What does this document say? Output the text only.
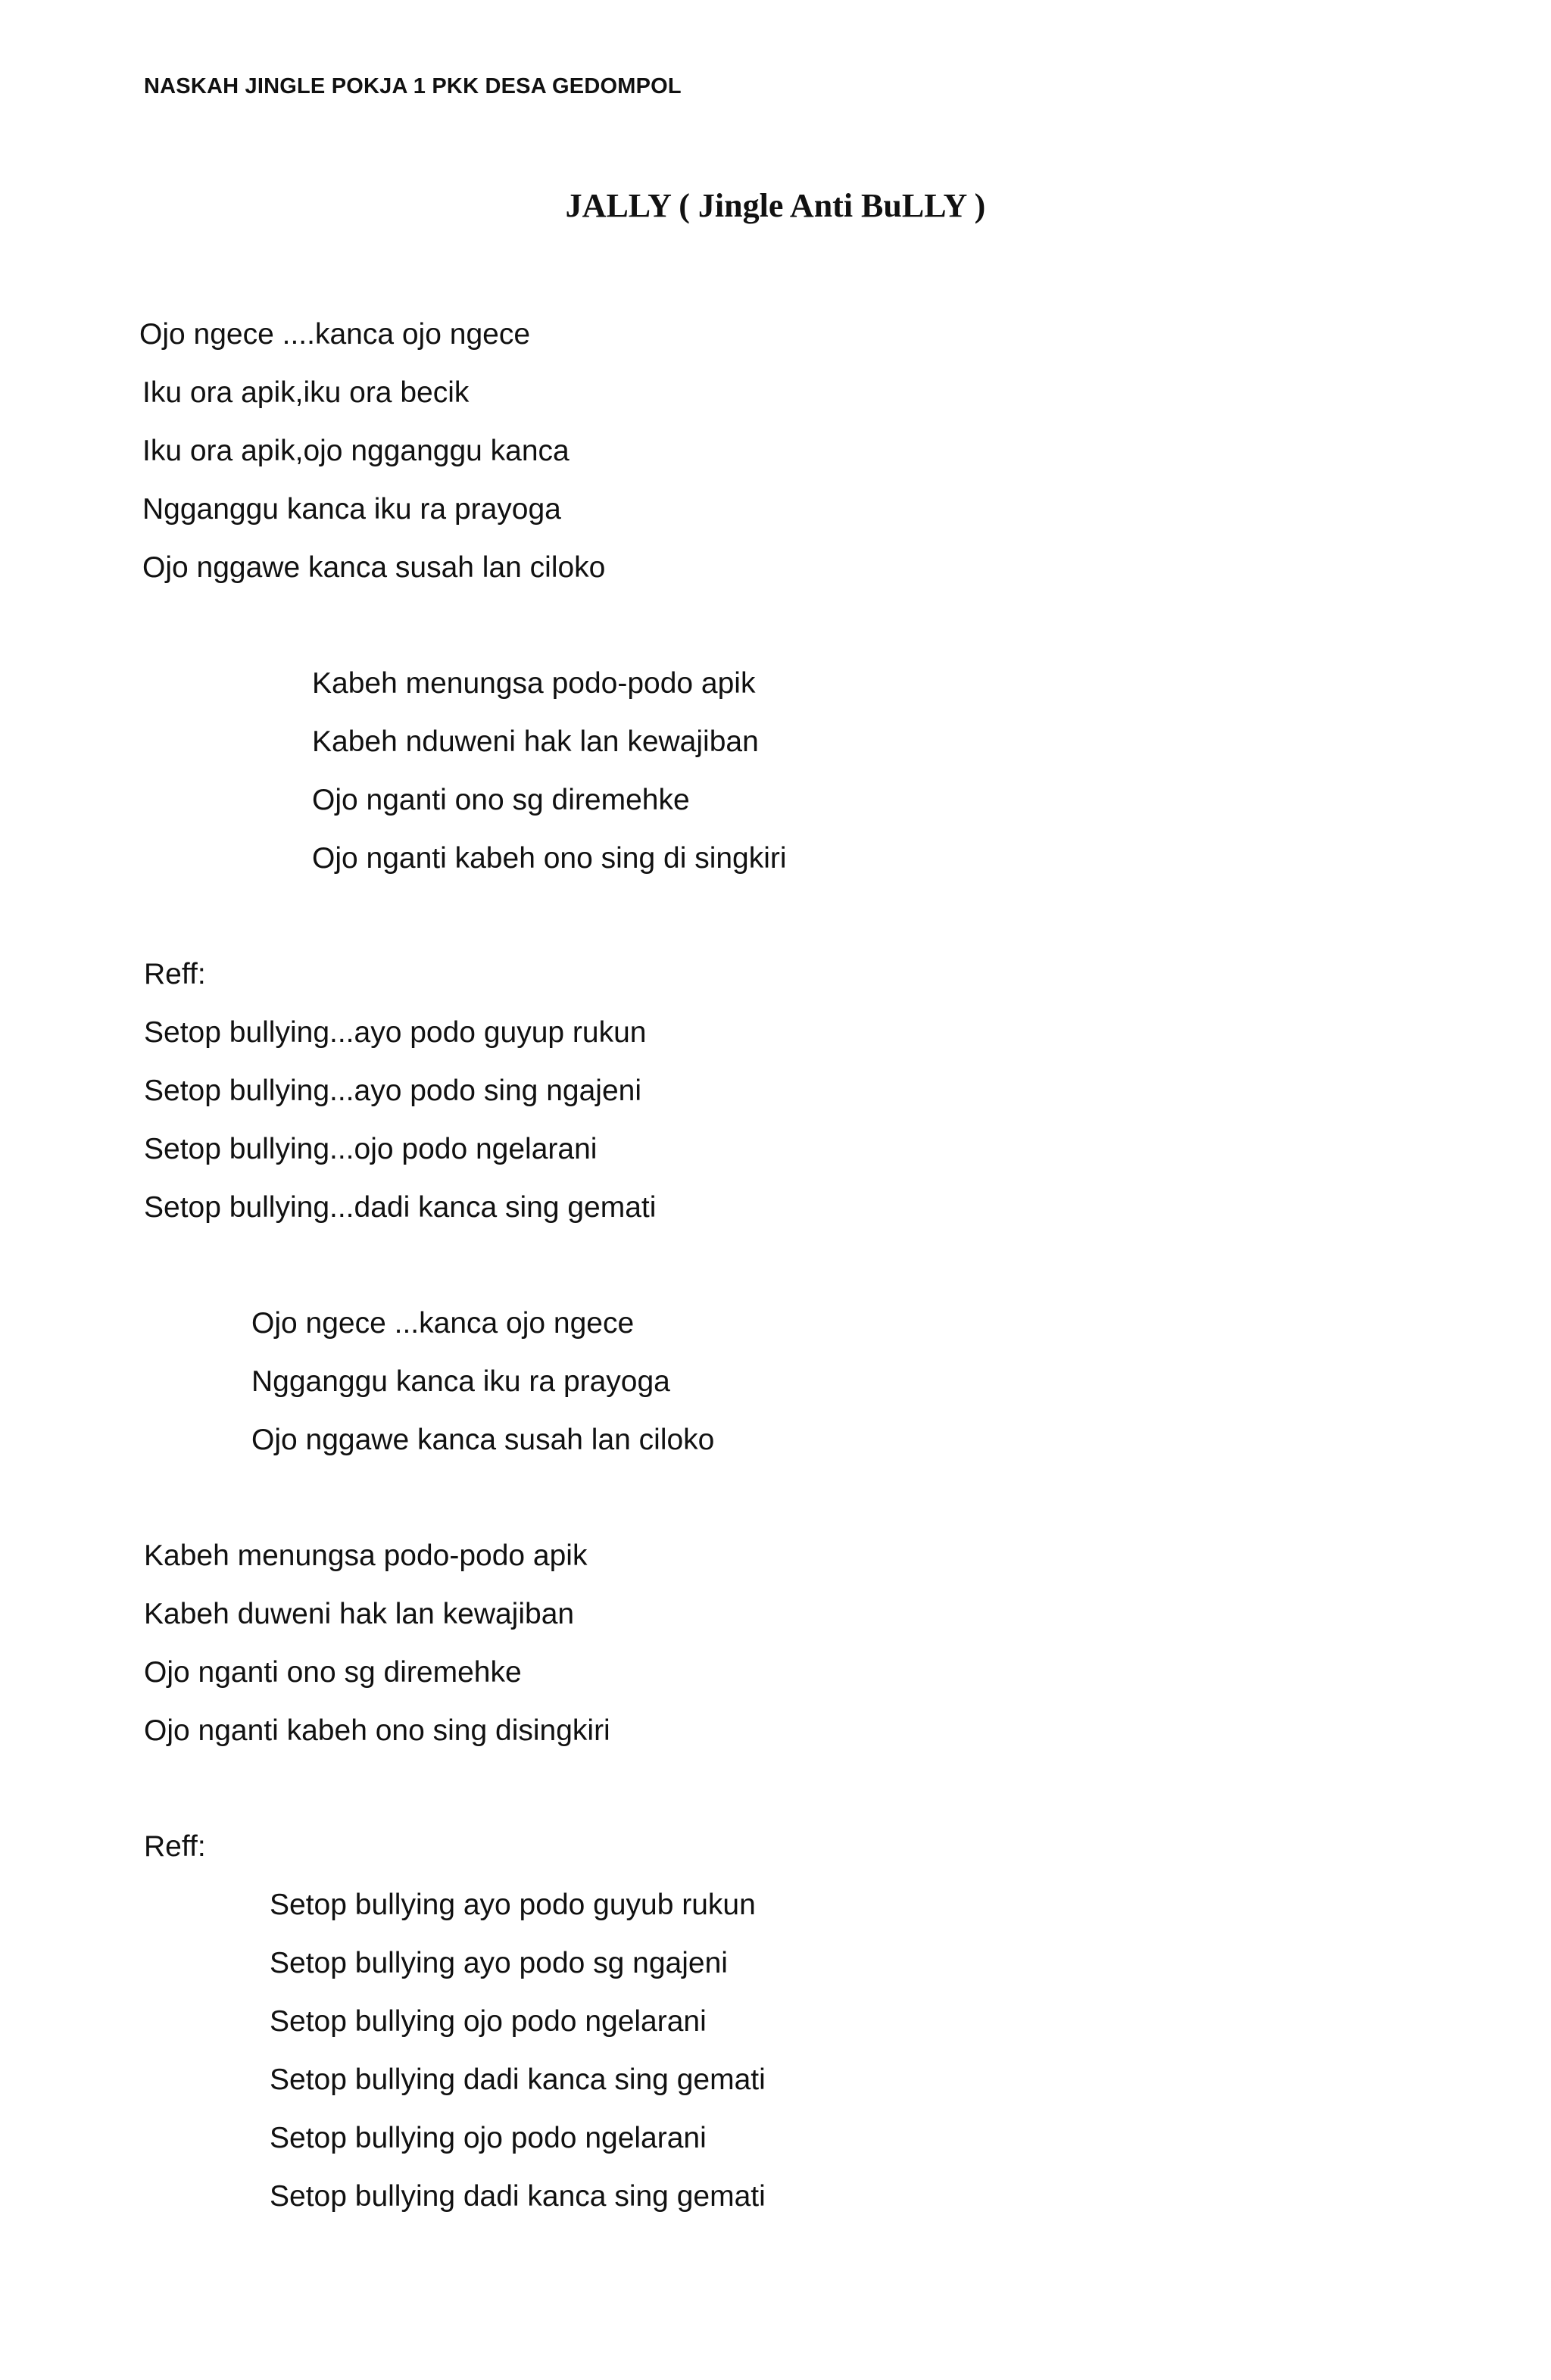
NASKAH JINGLE POKJA 1 PKK DESA GEDOMPOL
JALLY ( Jingle Anti BuLLY )
Ojo ngece ....kanca ojo ngece
Iku ora apik,iku ora becik
Iku ora apik,ojo ngganggu kanca
Ngganggu kanca iku ra prayoga
Ojo nggawe kanca susah lan ciloko
Kabeh menungsa podo-podo apik
Kabeh nduweni hak lan kewajiban
Ojo nganti ono sg diremehke
Ojo nganti kabeh ono sing di singkiri
Reff:
Setop bullying...ayo podo guyup rukun
Setop bullying...ayo podo sing ngajeni
Setop bullying...ojo podo ngelarani
Setop bullying...dadi kanca sing gemati
Ojo ngece ...kanca ojo ngece
Ngganggu kanca iku ra prayoga
Ojo nggawe kanca susah lan ciloko
Kabeh menungsa podo-podo apik
Kabeh duweni hak lan kewajiban
Ojo nganti ono sg diremehke
Ojo nganti kabeh ono sing disingkiri
Reff:
Setop bullying ayo podo guyub rukun
Setop bullying ayo podo sg ngajeni
Setop bullying ojo podo ngelarani
Setop bullying dadi kanca sing gemati
Setop bullying ojo podo ngelarani
Setop bullying dadi kanca sing gemati
